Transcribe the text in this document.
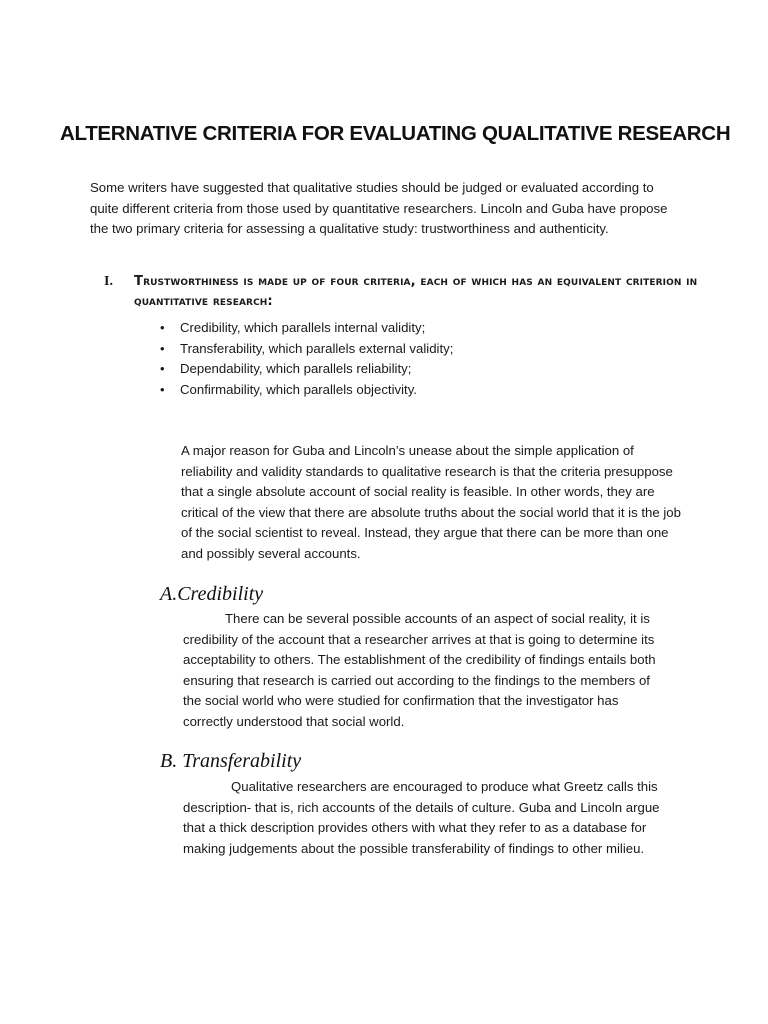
ALTERNATIVE CRITERIA FOR EVALUATING QUALITATIVE RESEARCH

Some writers have suggested that qualitative studies should be judged or evaluated according to quite different criteria from those used by quantitative researchers. Lincoln and Guba have propose the two primary criteria for assessing a qualitative study: trustworthiness and authenticity.

I. Trustworthiness is made up of four criteria, each of which has an equivalent criterion in quantitative research:
• Credibility, which parallels internal validity;
• Transferability, which parallels external validity;
• Dependability, which parallels reliability;
• Confirmability, which parallels objectivity.

A major reason for Guba and Lincoln’s unease about the simple application of reliability and validity standards to qualitative research is that the criteria presuppose that a single absolute account of social reality is feasible. In other words, they are critical of the view that there are absolute truths about the social world that it is the job of the social scientist to reveal. Instead, they argue that there can be more than one and possibly several accounts.

A.Credibility

There can be several possible accounts of an aspect of social reality, it is credibility of the account that a researcher arrives at that is going to determine its acceptability to others. The establishment of the credibility of findings entails both ensuring that research is carried out according to the findings to the members of the social world who were studied for confirmation that the investigator has correctly understood that social world.

B. Transferability

Qualitative researchers are encouraged to produce what Greetz calls this description- that is, rich accounts of the details of culture. Guba and Lincoln argue that a thick description provides others with what they refer to as a database for making judgements about the possible transferability of findings to other milieu.
